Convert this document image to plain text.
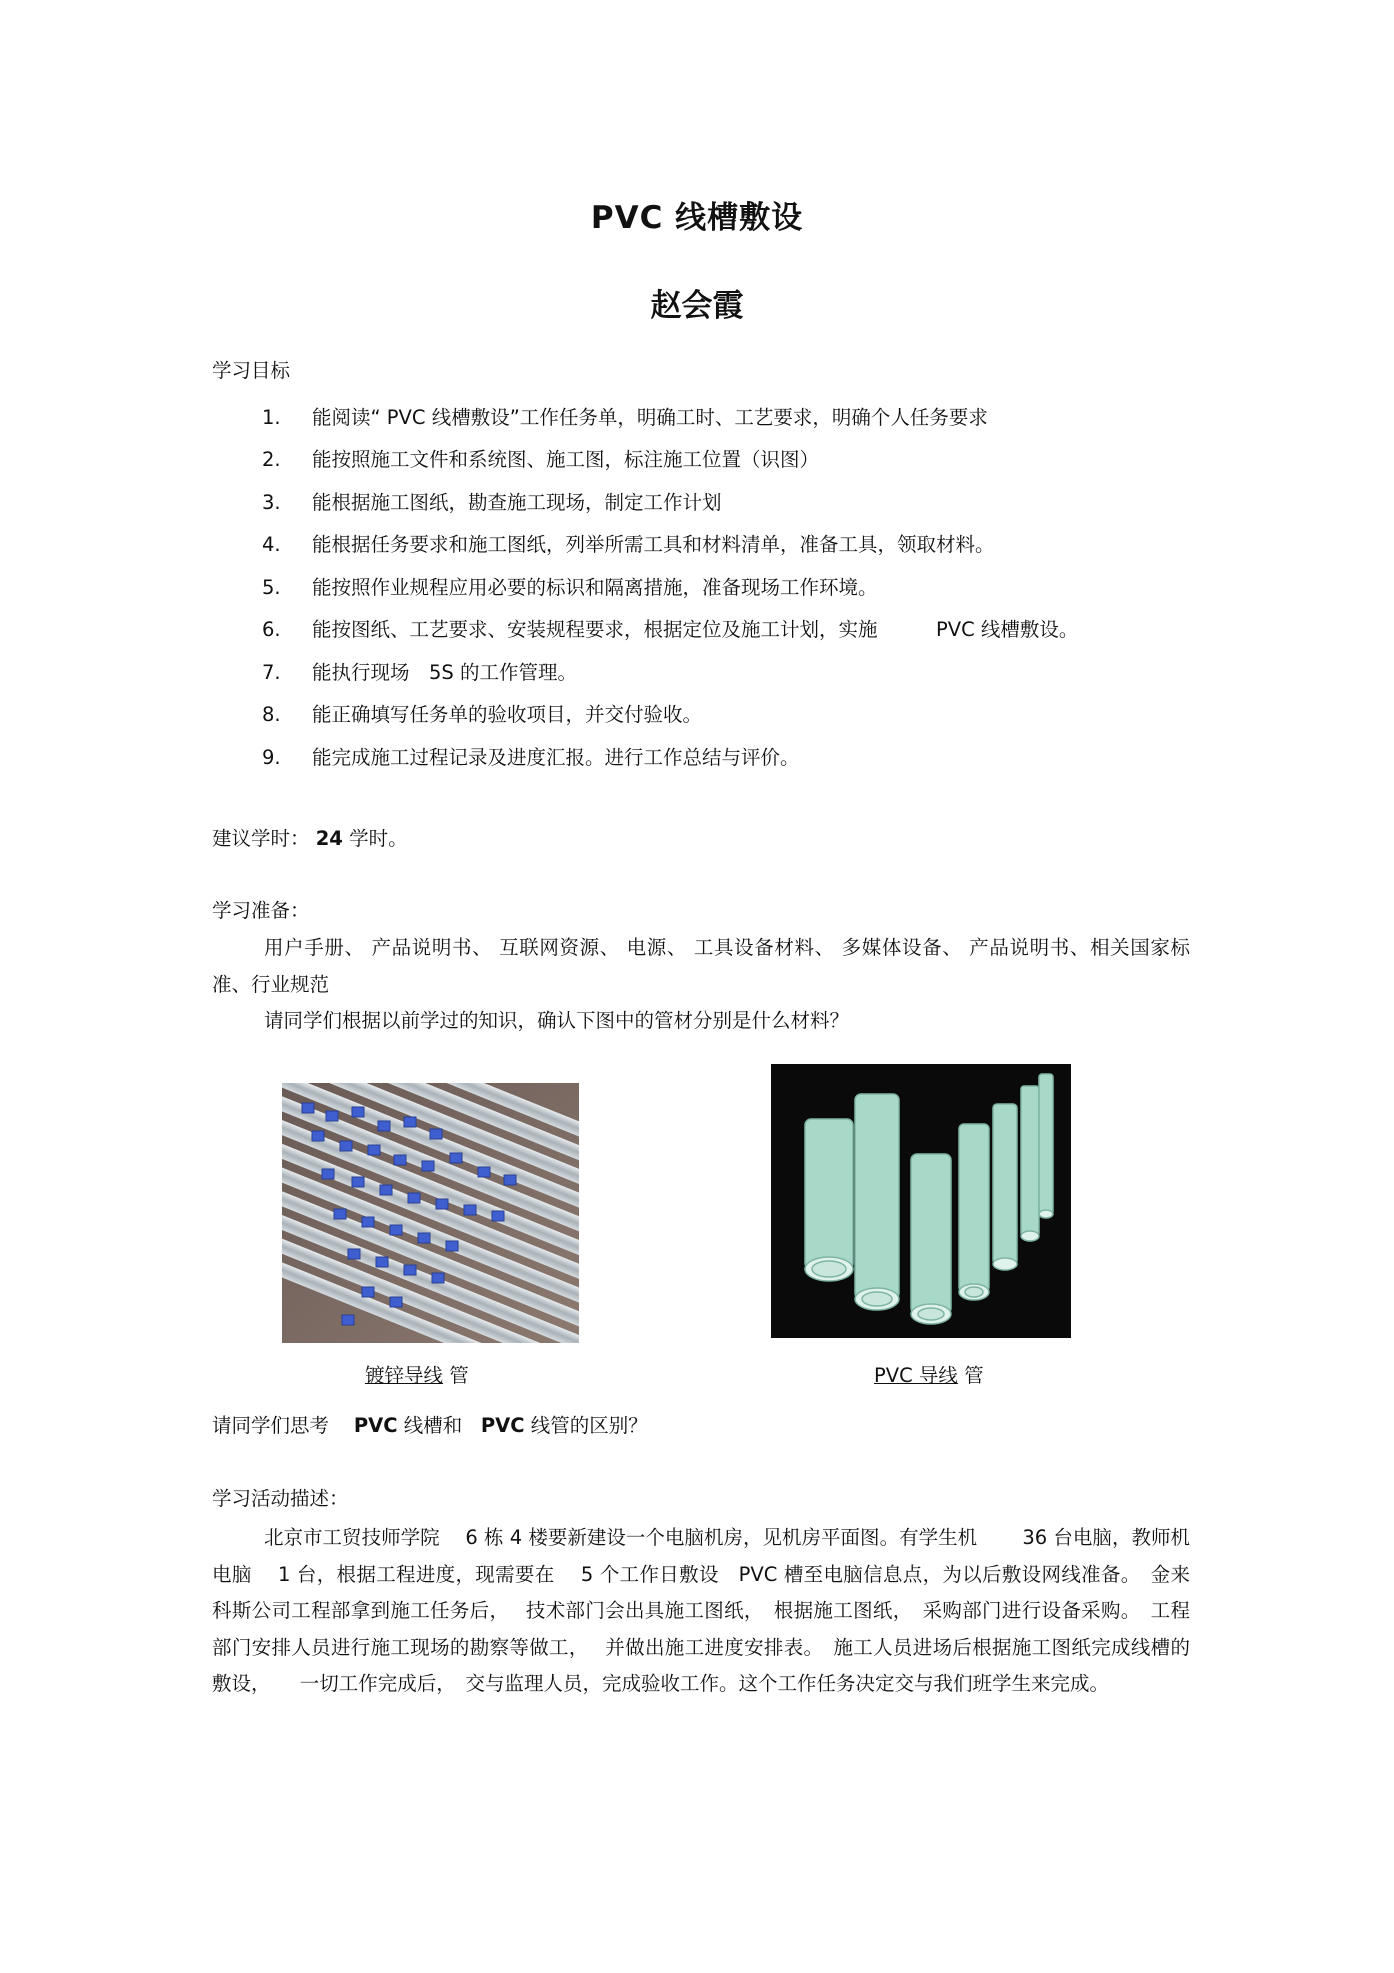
PVC 线槽敷设
赵会霞
学习目标
1. 能阅读“ PVC 线槽敷设”工作任务单，明确工时、工艺要求，明确个人任务要求
2. 能按照施工文件和系统图、施工图，标注施工位置（识图）
3. 能根据施工图纸，勘查施工现场，制定工作计划
4. 能根据任务要求和施工图纸，列举所需工具和材料清单，准备工具，领取材料。
5. 能按照作业规程应用必要的标识和隔离措施，准备现场工作环境。
6. 能按图纸、工艺要求、安装规程要求，根据定位及施工计划，实施　　　PVC 线槽敷设。
7. 能执行现场　5S 的工作管理。
8. 能正确填写任务单的验收项目，并交付验收。
9. 能完成施工过程记录及进度汇报。进行工作总结与评价。
建议学时： 24 学时。
学习准备：
用户手册、 产品说明书、 互联网资源、 电源、 工具设备材料、 多媒体设备、 产品说明书、相关国家标准、行业规范
请同学们根据以前学过的知识，确认下图中的管材分别是什么材料？
镀锌导线 管	PVC 导线 管
请同学们思考 PVC 线槽和 PVC 线管的区别？
学习活动描述：
北京市工贸技师学院　 6 栋 4 楼要新建设一个电脑机房，见机房平面图。有学生机　　 36 台电脑，教师机电脑　 1 台，根据工程进度，现需要在　 5 个工作日敷设　PVC 槽至电脑信息点，为以后敷设网线准备。　金来科斯公司工程部拿到施工任务后，　 技术部门会出具施工图纸，　根据施工图纸，　采购部门进行设备采购。　工程部门安排人员进行施工现场的勘察等做工，　 并做出施工进度安排表。　施工人员进场后根据施工图纸完成线槽的敷设，　　一切工作完成后，　交与监理人员，完成验收工作。这个工作任务决定交与我们班学生来完成。
